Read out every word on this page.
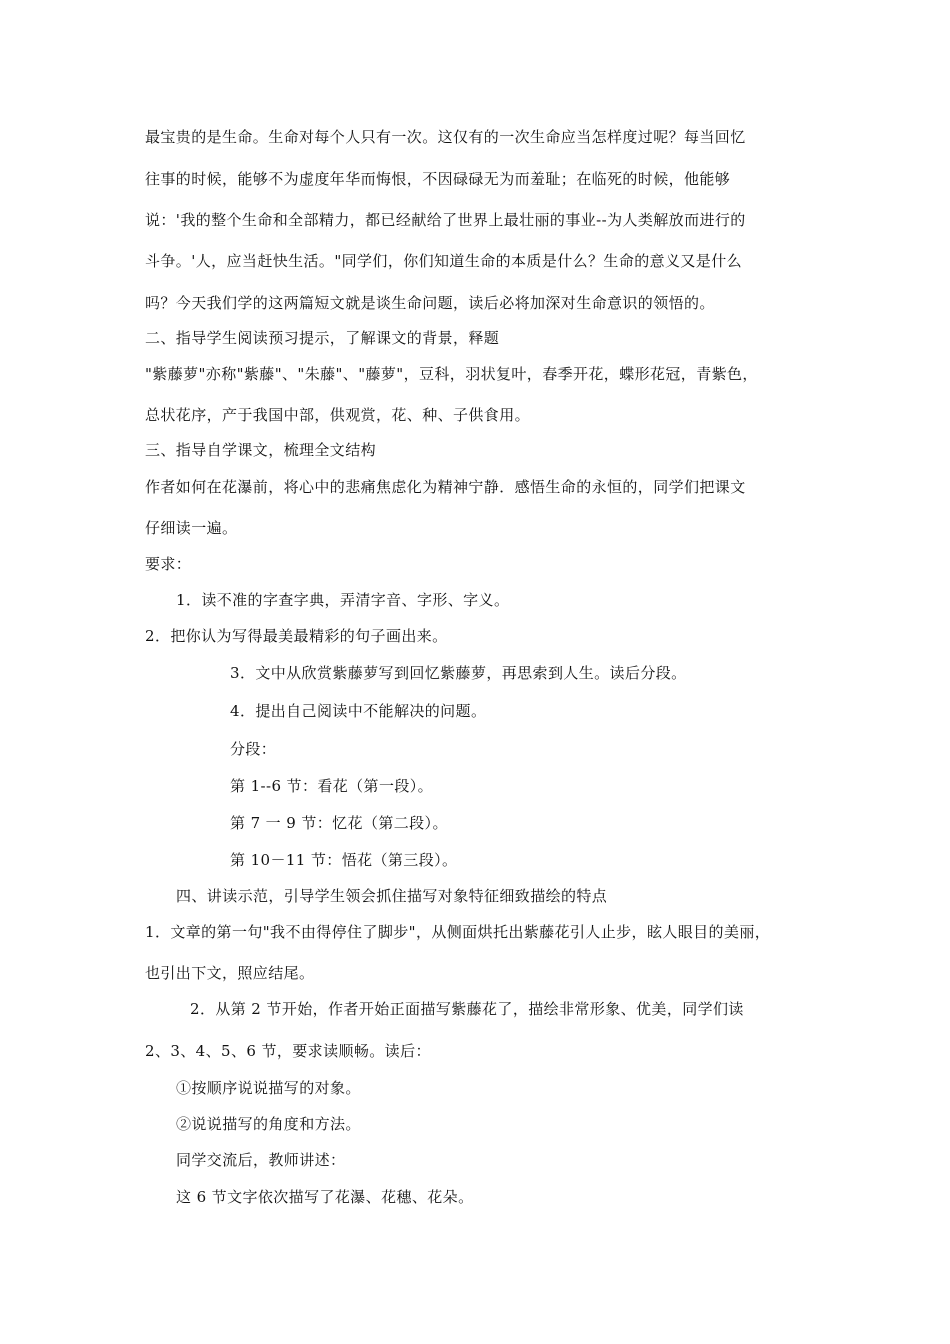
最宝贵的是生命。生命对每个人只有一次。这仅有的一次生命应当怎样度过呢？每当回忆
往事的时候，能够不为虚度年华而悔恨，不因碌碌无为而羞耻；在临死的时候，他能够
说：'我的整个生命和全部精力，都已经献给了世界上最壮丽的事业--为人类解放而进行的
斗争。'人，应当赶快生活。"同学们，你们知道生命的本质是什么？生命的意义又是什么
吗？今天我们学的这两篇短文就是谈生命问题，读后必将加深对生命意识的领悟的。
二、指导学生阅读预习提示，了解课文的背景，释题
"紫藤萝"亦称"紫藤"、"朱藤"、"藤萝"，豆科，羽状复叶，春季开花，蝶形花冠，青紫色，
总状花序，产于我国中部，供观赏，花、种、子供食用。
三、指导自学课文，梳理全文结构
作者如何在花瀑前，将心中的悲痛焦虑化为精神宁静．感悟生命的永恒的，同学们把课文
仔细读一遍。
要求：
1．读不准的字查字典，弄清字音、字形、字义。
2．把你认为写得最美最精彩的句子画出来。
3．文中从欣赏紫藤萝写到回忆紫藤萝，再思索到人生。读后分段。
4．提出自己阅读中不能解决的问题。
分段：
第 1--6 节：看花（第一段）。
第 7 一 9 节：忆花（第二段）。
第 10－11 节：悟花（第三段）。
四、讲读示范，引导学生领会抓住描写对象特征细致描绘的特点
1．文章的第一句"我不由得停住了脚步"，从侧面烘托出紫藤花引人止步，眩人眼目的美丽，
也引出下文，照应结尾。
2．从第 2 节开始，作者开始正面描写紫藤花了，描绘非常形象、优美，同学们读
2、3、4、5、6 节，要求读顺畅。读后：
①按顺序说说描写的对象。
②说说描写的角度和方法。
同学交流后，教师讲述：
这 6 节文字依次描写了花瀑、花穗、花朵。
